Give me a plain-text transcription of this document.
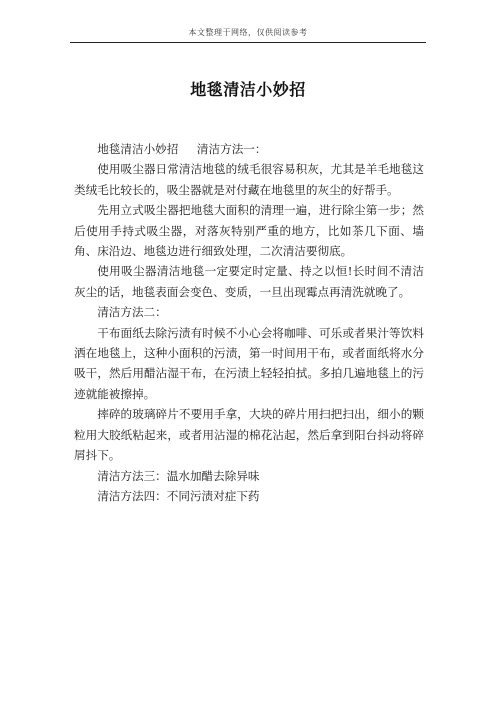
本文整理于网络，仅供阅读参考
地毯清洁小妙招

地毯清洁小妙招 清洁方法一：

使用吸尘器日常清洁地毯的绒毛很容易积灰，尤其是羊毛地毯这类绒毛比较长的，吸尘器就是对付藏在地毯里的灰尘的好帮手。

先用立式吸尘器把地毯大面积的清理一遍，进行除尘第一步；然后使用手持式吸尘器，对落灰特别严重的地方，比如茶几下面、墙角、床沿边、地毯边进行细致处理，二次清洁要彻底。

使用吸尘器清洁地毯一定要定时定量、持之以恒!长时间不清洁灰尘的话，地毯表面会变色、变质，一旦出现霉点再清洗就晚了。

清洁方法二：

干布面纸去除污渍有时候不小心会将咖啡、可乐或者果汁等饮料洒在地毯上，这种小面积的污渍，第一时间用干布，或者面纸将水分吸干，然后用醋沾湿干布，在污渍上轻轻拍拭。多拍几遍地毯上的污迹就能被擦掉。

摔碎的玻璃碎片不要用手拿，大块的碎片用扫把扫出，细小的颗粒用大胶纸粘起来，或者用沾湿的棉花沾起，然后拿到阳台抖动将碎屑抖下。

清洁方法三：温水加醋去除异味

清洁方法四：不同污渍对症下药
